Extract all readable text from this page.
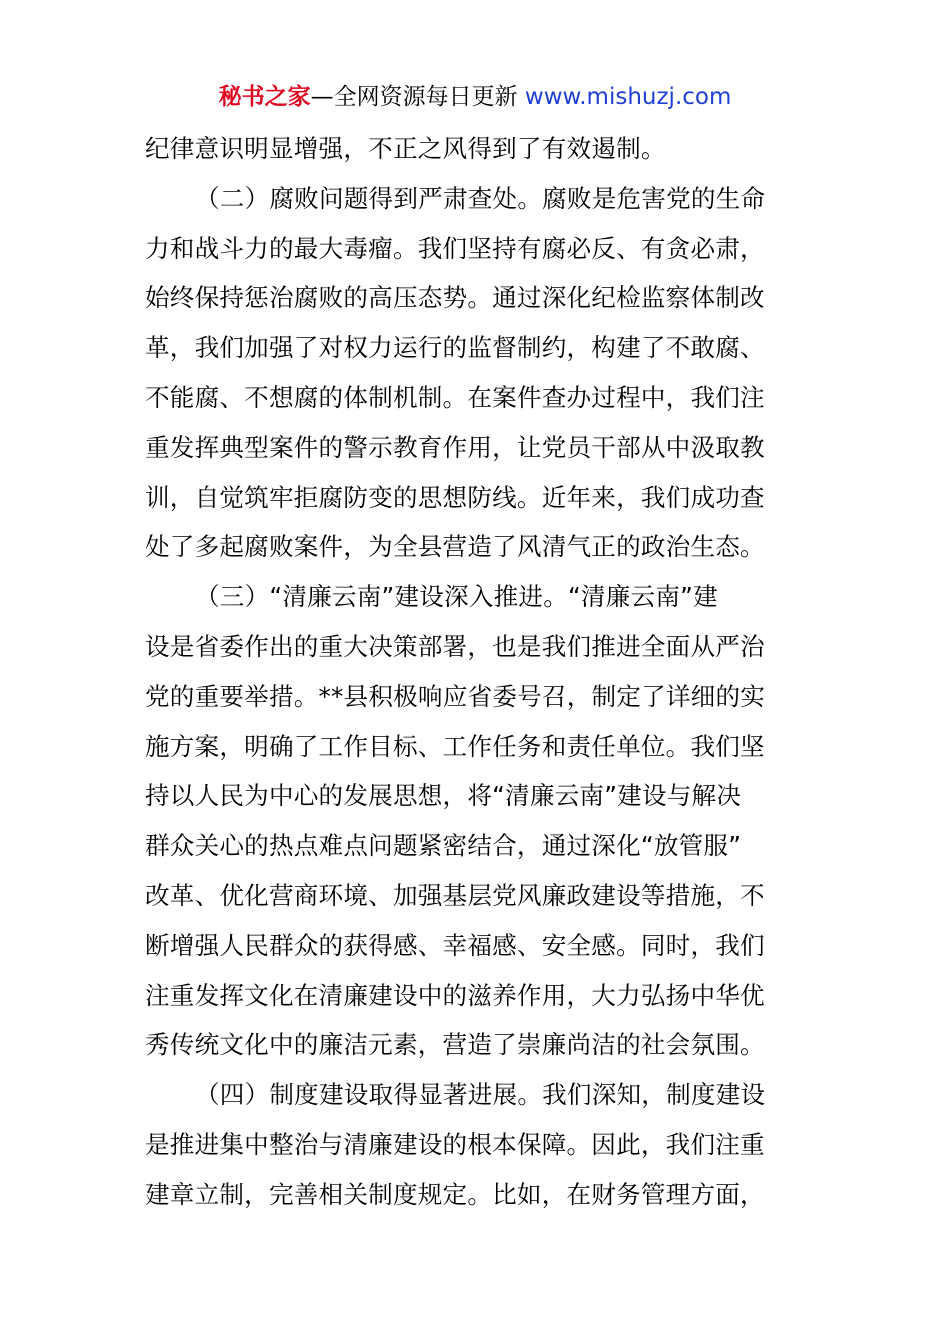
秘书之家—全网资源每日更新 www.mishuzj.com
纪律意识明显增强，不正之风得到了有效遏制。
（二）腐败问题得到严肃查处。腐败是危害党的生命
力和战斗力的最大毒瘤。我们坚持有腐必反、有贪必肃，
始终保持惩治腐败的高压态势。通过深化纪检监察体制改
革，我们加强了对权力运行的监督制约，构建了不敢腐、
不能腐、不想腐的体制机制。在案件查办过程中，我们注
重发挥典型案件的警示教育作用，让党员干部从中汲取教
训，自觉筑牢拒腐防变的思想防线。近年来，我们成功查
处了多起腐败案件，为全县营造了风清气正的政治生态。
（三）“清廉云南”建设深入推进。“清廉云南”建
设是省委作出的重大决策部署，也是我们推进全面从严治
党的重要举措。**县积极响应省委号召，制定了详细的实
施方案，明确了工作目标、工作任务和责任单位。我们坚
持以人民为中心的发展思想，将“清廉云南”建设与解决
群众关心的热点难点问题紧密结合，通过深化“放管服”
改革、优化营商环境、加强基层党风廉政建设等措施，不
断增强人民群众的获得感、幸福感、安全感。同时，我们
注重发挥文化在清廉建设中的滋养作用，大力弘扬中华优
秀传统文化中的廉洁元素，营造了崇廉尚洁的社会氛围。
（四）制度建设取得显著进展。我们深知，制度建设
是推进集中整治与清廉建设的根本保障。因此，我们注重
建章立制，完善相关制度规定。比如，在财务管理方面，
